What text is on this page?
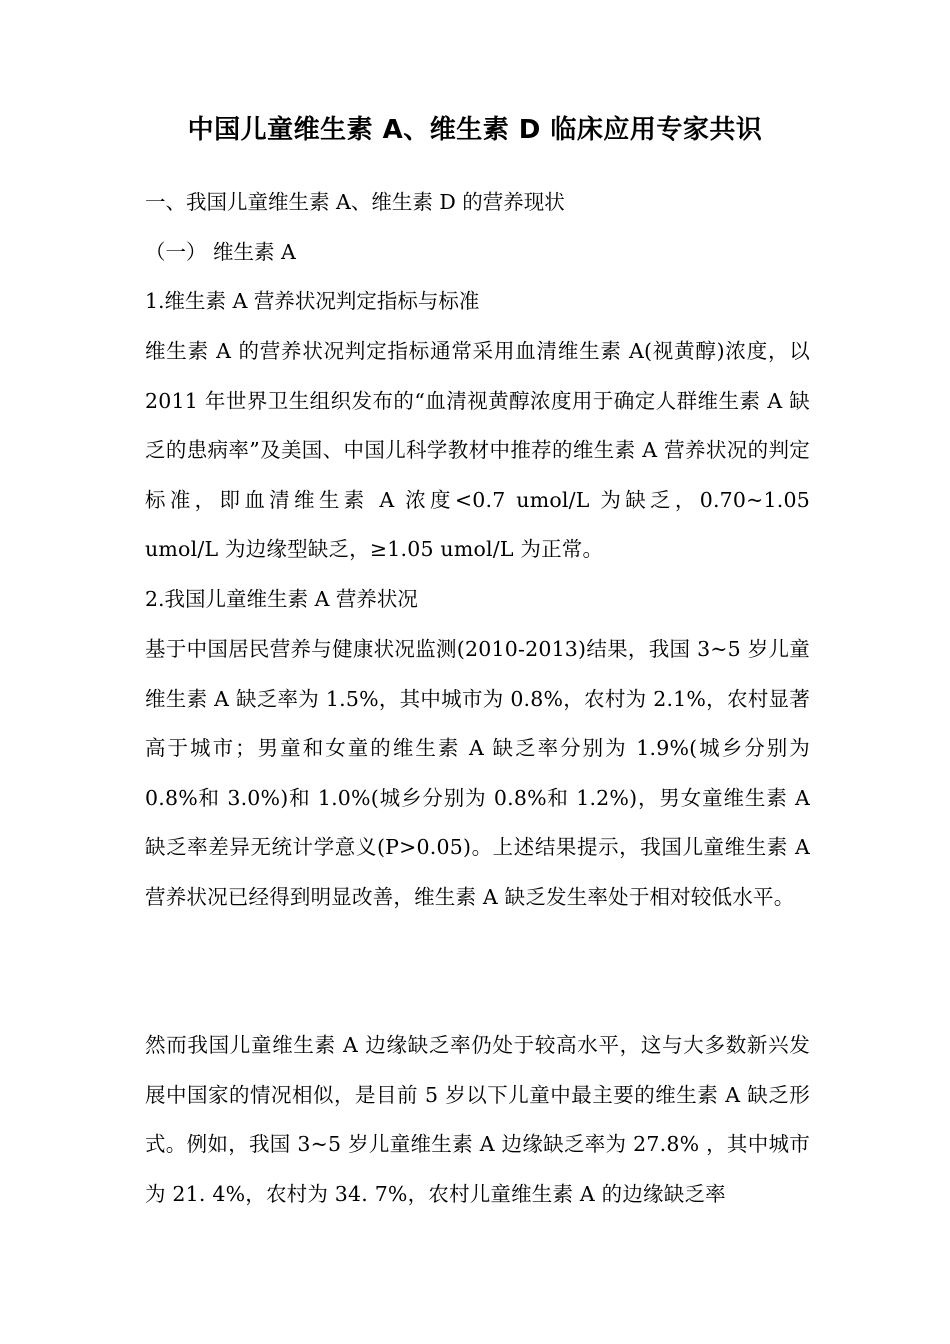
中国儿童维生素 A、维生素 D 临床应用专家共识
一、我国儿童维生素 A、维生素 D 的营养现状
（一） 维生素 A
1.维生素 A 营养状况判定指标与标准
维生素 A 的营养状况判定指标通常采用血清维生素 A(视黄醇)浓度，以 2011 年世界卫生组织发布的“血清视黄醇浓度用于确定人群维生素 A 缺乏的患病率”及美国、中国儿科学教材中推荐的维生素 A 营养状况的判定标准，即血清维生素 A 浓度<0.7 umol/L 为缺乏，0.70~1.05 umol/L 为边缘型缺乏，≥1.05 umol/L 为正常。
2.我国儿童维生素 A 营养状况
基于中国居民营养与健康状况监测(2010-2013)结果，我国 3~5 岁儿童维生素 A 缺乏率为 1.5%，其中城市为 0.8%，农村为 2.1%，农村显著高于城市；男童和女童的维生素 A 缺乏率分别为 1.9%(城乡分别为 0.8%和 3.0%)和 1.0%(城乡分别为 0.8%和 1.2%)，男女童维生素 A 缺乏率差异无统计学意义(P>0.05)。上述结果提示，我国儿童维生素 A 营养状况已经得到明显改善，维生素 A 缺乏发生率处于相对较低水平。
然而我国儿童维生素 A 边缘缺乏率仍处于较高水平，这与大多数新兴发展中国家的情况相似，是目前 5 岁以下儿童中最主要的维生素 A 缺乏形式。例如，我国 3~5 岁儿童维生素 A 边缘缺乏率为 27.8% ，其中城市为 21. 4%，农村为 34. 7%，农村儿童维生素 A 的边缘缺乏率
